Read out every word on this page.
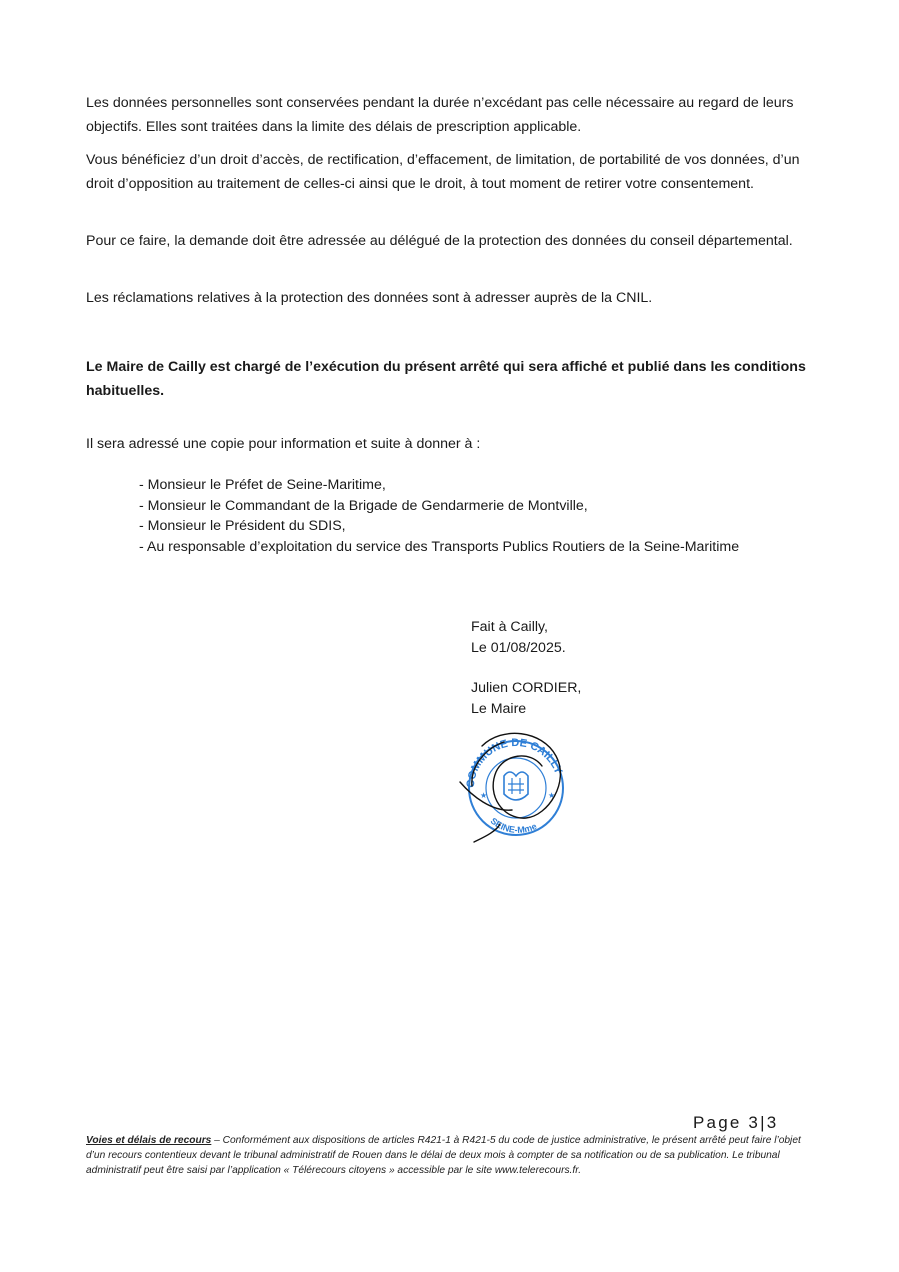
Les données personnelles sont conservées pendant la durée n’excédant pas celle nécessaire au regard de leurs objectifs. Elles sont traitées dans la limite des délais de prescription applicable.

Vous bénéficiez d’un droit d’accès, de rectification, d’effacement, de limitation, de portabilité de vos données, d’un droit d’opposition au traitement de celles-ci ainsi que le droit, à tout moment de retirer votre consentement.

Pour ce faire, la demande doit être adressée au délégué de la protection des données du conseil départemental.

Les réclamations relatives à la protection des données sont à adresser auprès de la CNIL.

Le Maire de Cailly est chargé de l’exécution du présent arrêté qui sera affiché et publié dans les conditions habituelles.

Il sera adressé une copie pour information et suite à donner à :

- Monsieur le Préfet de Seine-Maritime,
- Monsieur le Commandant de la Brigade de Gendarmerie de Montville,
- Monsieur le Président du SDIS,
- Au responsable d’exploitation du service des Transports Publics Routiers de la Seine-Maritime
Fait à Cailly,
Le 01/08/2025.
Julien CORDIER,
Le Maire
COMMUNE DE CAILLY
SEINE-Mme
★	★
Page 3|3
Voies et délais de recours – Conformément aux dispositions de articles R421-1 à R421-5 du code de justice administrative, le présent arrêté peut faire l’objet d’un recours contentieux devant le tribunal administratif de Rouen dans le délai de deux mois à compter de sa notification ou de sa publication. Le tribunal administratif peut être saisi par l’application « Télérecours citoyens » accessible par le site www.telerecours.fr.
